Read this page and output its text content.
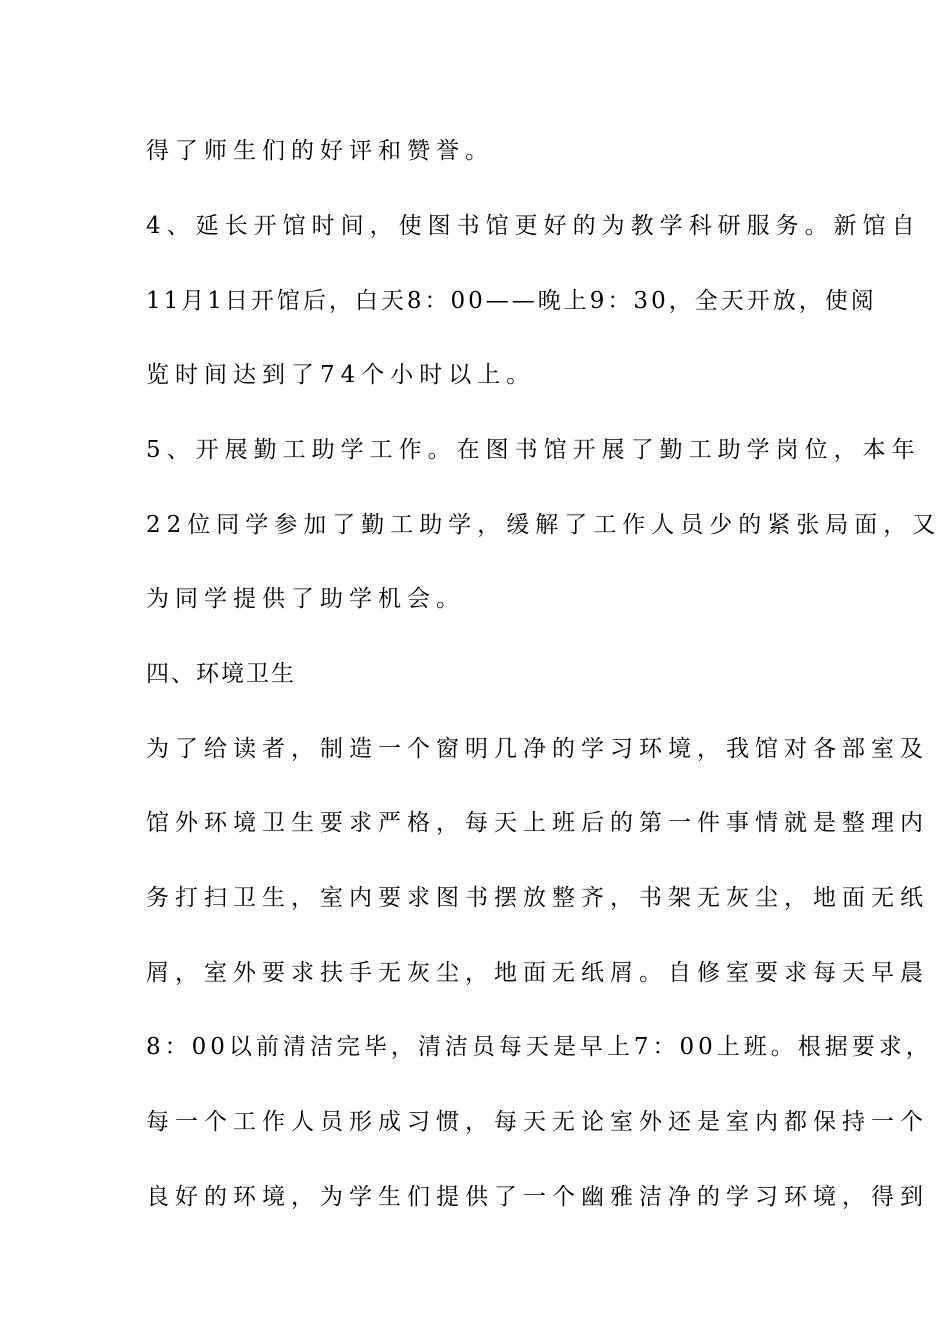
得了师生们的好评和赞誉。
4、延长开馆时间，使图书馆更好的为教学科研服务。新馆自
11月1日开馆后，白天8：00——晚上9：30，全天开放，使阅
览时间达到了74个小时以上。
5、开展勤工助学工作。在图书馆开展了勤工助学岗位，本年
22位同学参加了勤工助学，缓解了工作人员少的紧张局面，又
为同学提供了助学机会。
四、环境卫生
为了给读者，制造一个窗明几净的学习环境，我馆对各部室及
馆外环境卫生要求严格，每天上班后的第一件事情就是整理内
务打扫卫生，室内要求图书摆放整齐，书架无灰尘，地面无纸
屑，室外要求扶手无灰尘，地面无纸屑。自修室要求每天早晨
8：00以前清洁完毕，清洁员每天是早上7：00上班。根据要求，
每一个工作人员形成习惯，每天无论室外还是室内都保持一个
良好的环境，为学生们提供了一个幽雅洁净的学习环境，得到
